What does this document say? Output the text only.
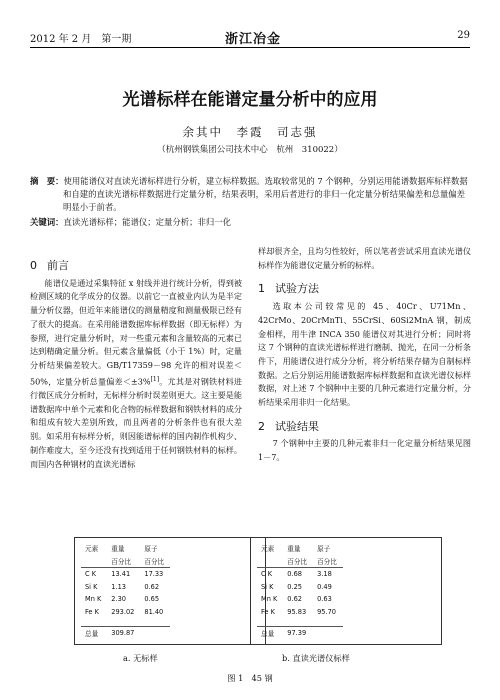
2012 年 2 月　第一期	浙江冶金	29
光谱标样在能谱定量分析中的应用
余其中　李霞　司志强
（杭州钢铁集团公司技术中心　杭州　310022）
摘　要：使用能谱仪对直读光谱标样进行分析，建立标样数据。选取较常见的 7 个钢种，分别运用能谱数据库标样数据和自建的直读光谱标样数据进行定量分析，结果表明，采用后者进行的非归一化定量分析结果偏差和总量偏差明显小于前者。
关键词：直读光谱标样；能谱仪；定量分析；非归一化
0 前言

能谱仪是通过采集特征 x 射线并进行统计分析，得到被检测区域的化学成分的仪器。以前它一直被业内认为是半定量分析仪器，但近年来能谱仪的测量精度和测量极限已经有了很大的提高。在采用能谱数据库标样数据（即无标样）为参照，进行定量分析时，对一些重元素和含量较高的元素已达到精确定量分析。但元素含量偏低（小于 1%）时，定量分析结果偏差较大。GB/T17359－98 允许的相对误差＜50%，定量分析总量偏差＜±3%[1]。尤其是对钢铁材料进行微区成分分析时，无标样分析时误差则更大。这主要是能谱数据库中单个元素和化合物的标样数据和钢铁材料的成分和组成有较大差别所致，而且两者的分析条件也有很大差别。如采用有标样分析，则因能谱标样的国内制作机构少、制作难度大，至今还没有找到适用于任何钢铁材料的标样。而国内各种钢材的直读光谱标

样却很齐全，且均匀性较好，所以笔者尝试采用直读光谱仪标样作为能谱仪定量分析的标样。

1 试验方法

选取本公司较常见的 45、40Cr、U71Mn、42CrMo、20CrMnTi、55CrSi、60Si2MnA 钢，制成金相样，用牛津 INCA 350 能谱仪对其进行分析；同时将这 7 个钢种的直读光谱标样进行磨制、抛光，在同一分析条件下，用能谱仪进行成分分析，将分析结果存储为自制标样数据。之后分别运用能谱数据库标样数据和直读光谱仪标样数据，对上述 7 个钢种中主要的几种元素进行定量分析，分析结果采用非归一化结果。

2 试验结果

7 个钢种中主要的几种元素非归一化定量分析结果见图 1－7。

元素	重量	原子
	百分比	百分比
C K	13.41	17.33
Si K	1.13	0.62
Mn K	2.30	0.65
Fe K	293.02	81.40

总量	309.87	
元素	重量	原子
	百分比	百分比
C K	0.68	3.18
Si K	0.25	0.49
Mn K	0.62	0.63
Fe K	95.83	95.70

总量	97.39	
a. 无标样	b. 直读光谱仪标样
图 1　45 钢
